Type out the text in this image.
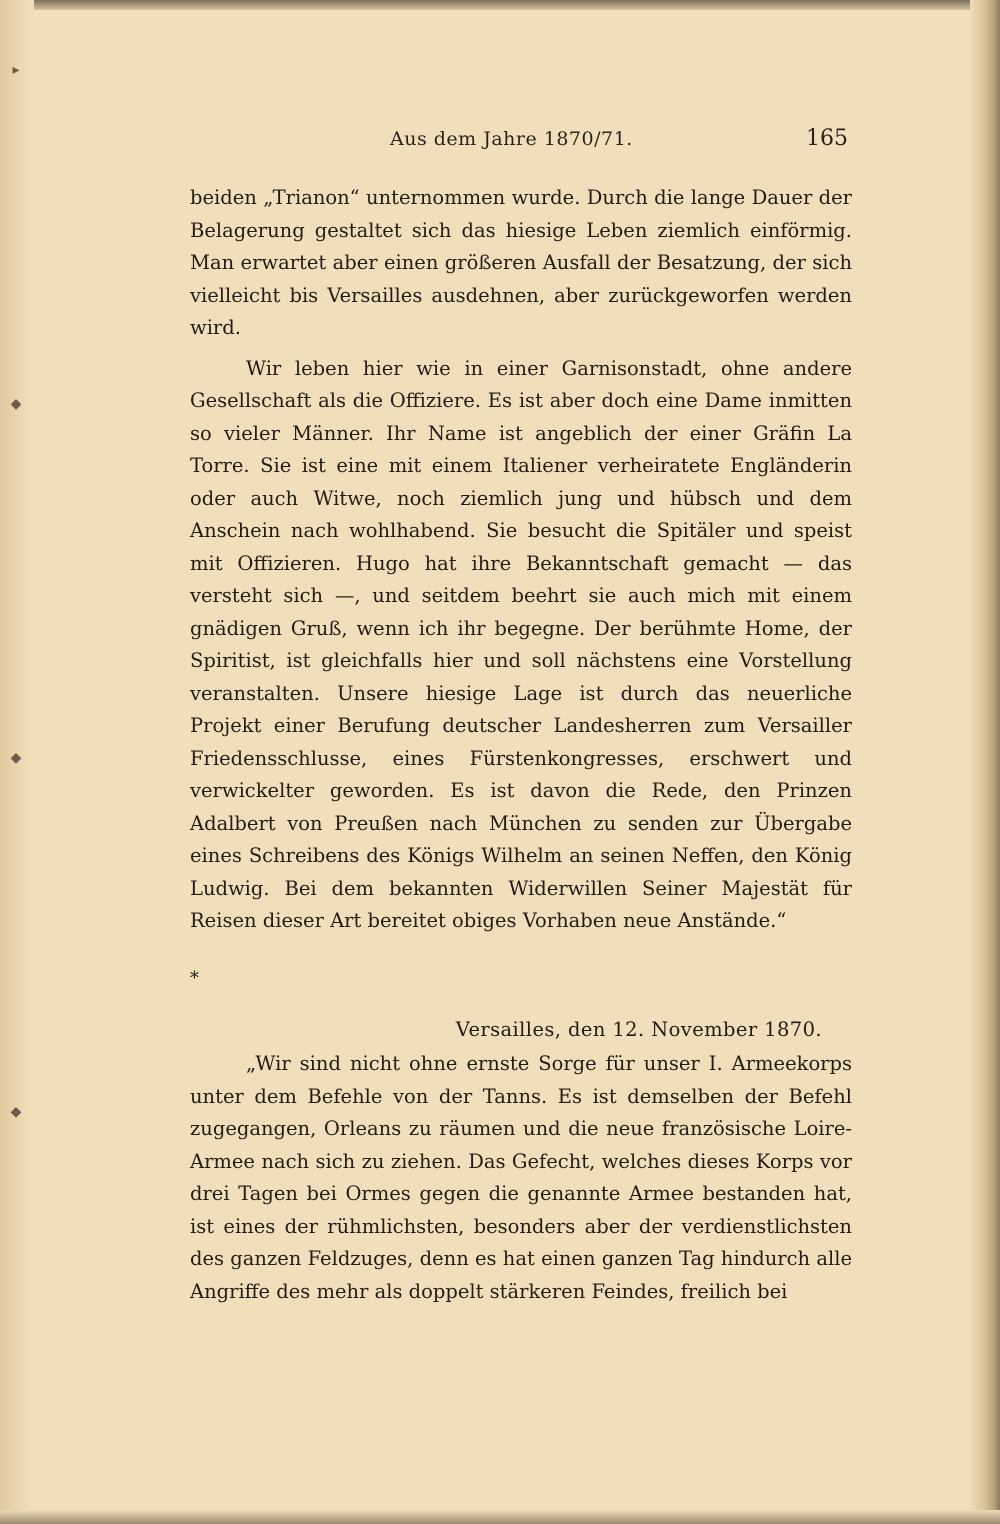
▸
◆
◆
◆
Aus dem Jahre 1870/71.	165

beiden „Trianon“ unternommen wurde. Durch die lange Dauer der Belagerung gestaltet sich das hiesige Leben ziemlich einförmig. Man erwartet aber einen größeren Ausfall der Besatzung, der sich vielleicht bis Versailles ausdehnen, aber zurückgeworfen werden wird.

Wir leben hier wie in einer Garnisonstadt, ohne andere Gesellschaft als die Offiziere. Es ist aber doch eine Dame inmitten so vieler Männer. Ihr Name ist angeblich der einer Gräfin La Torre. Sie ist eine mit einem Italiener verheiratete Engländerin oder auch Witwe, noch ziemlich jung und hübsch und dem Anschein nach wohlhabend. Sie besucht die Spitäler und speist mit Offizieren. Hugo hat ihre Bekanntschaft gemacht — das versteht sich —, und seitdem beehrt sie auch mich mit einem gnädigen Gruß, wenn ich ihr begegne. Der berühmte Home, der Spiritist, ist gleichfalls hier und soll nächstens eine Vorstellung veranstalten. Unsere hiesige Lage ist durch das neuerliche Projekt einer Berufung deutscher Landesherren zum Versailler Friedensschlusse, eines Fürstenkongresses, erschwert und verwickelter geworden. Es ist davon die Rede, den Prinzen Adalbert von Preußen nach München zu senden zur Übergabe eines Schreibens des Königs Wilhelm an seinen Neffen, den König Ludwig. Bei dem bekannten Widerwillen Seiner Majestät für Reisen dieser Art bereitet obiges Vorhaben neue Anstände.“

*

Versailles, den 12. November 1870.

„Wir sind nicht ohne ernste Sorge für unser I. Armeekorps unter dem Befehle von der Tanns. Es ist demselben der Befehl zugegangen, Orleans zu räumen und die neue französische Loire-Armee nach sich zu ziehen. Das Gefecht, welches dieses Korps vor drei Tagen bei Ormes gegen die genannte Armee bestanden hat, ist eines der rühmlichsten, besonders aber der verdienstlichsten des ganzen Feldzuges, denn es hat einen ganzen Tag hindurch alle Angriffe des mehr als doppelt stärkeren Feindes, freilich bei
